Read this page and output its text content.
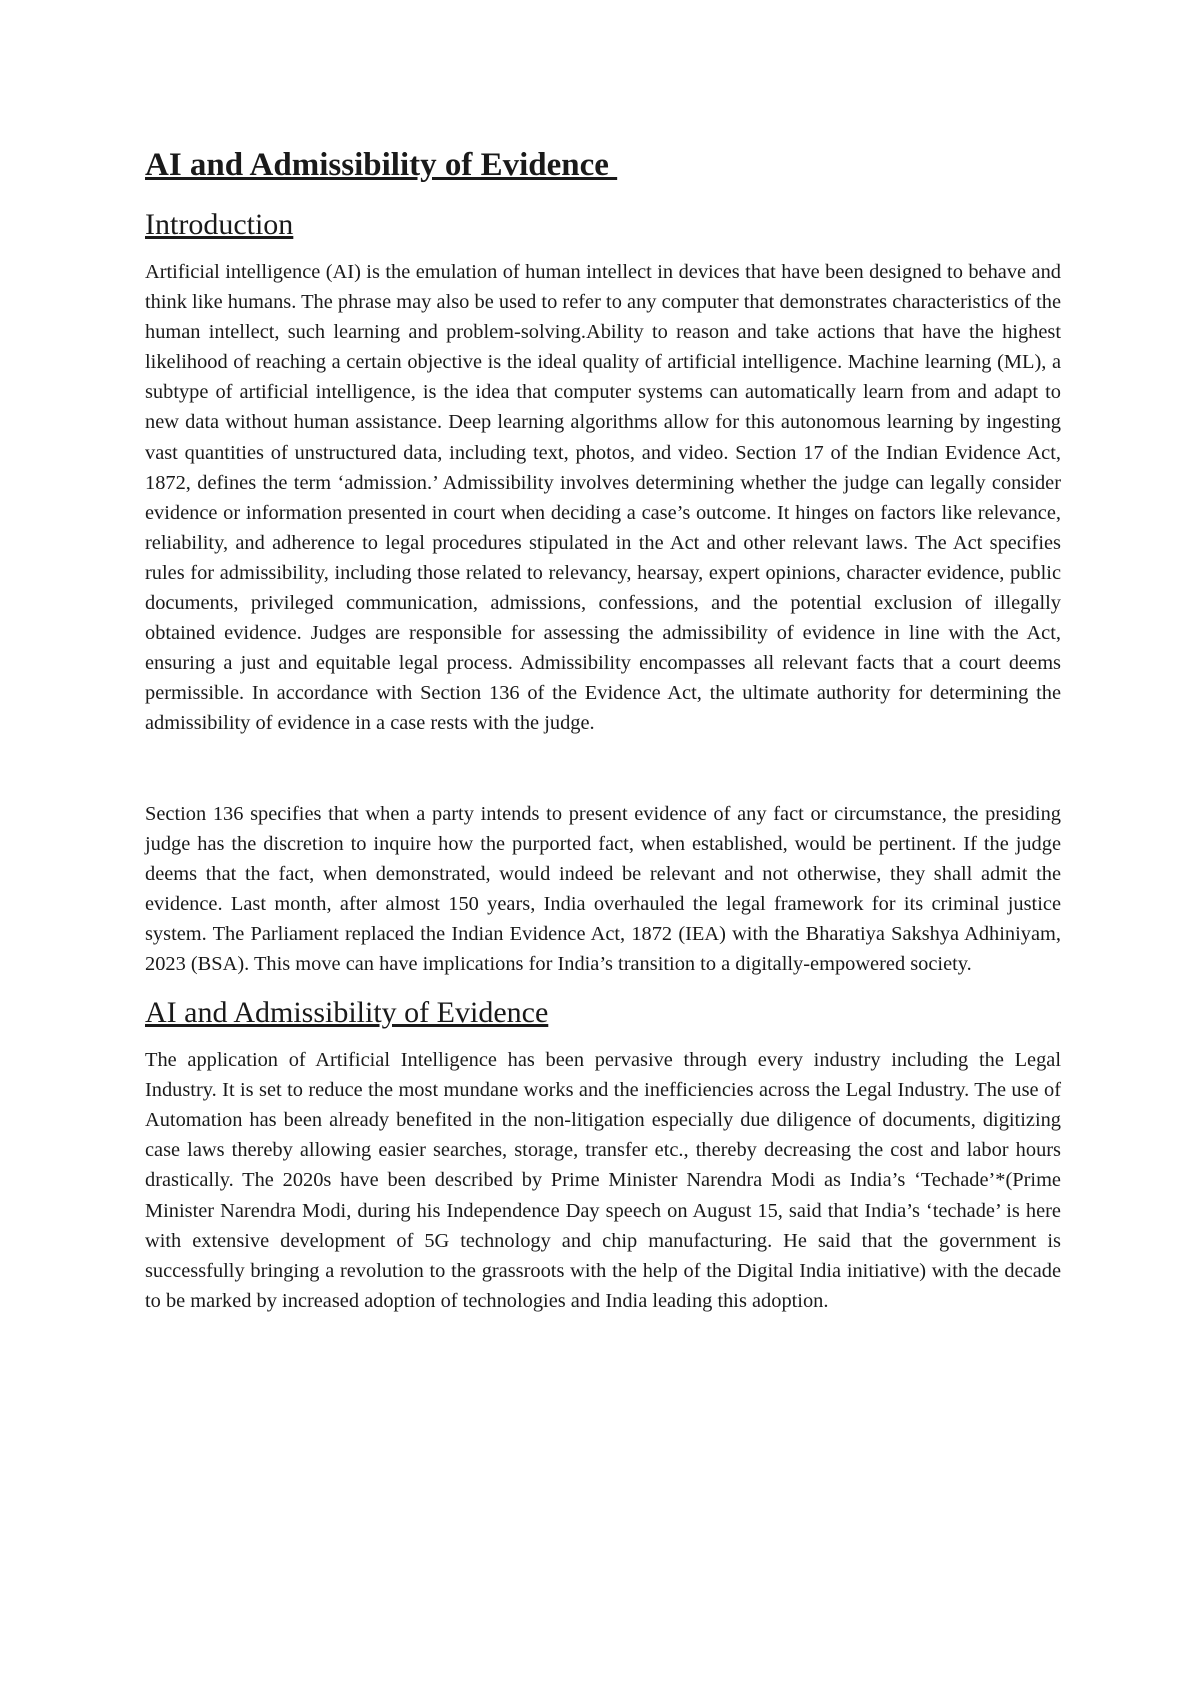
AI and Admissibility of Evidence
Introduction

Artificial intelligence (AI) is the emulation of human intellect in devices that have been designed to behave and think like humans. The phrase may also be used to refer to any computer that demonstrates characteristics of the human intellect, such learning and problem-solving.Ability to reason and take actions that have the highest likelihood of reaching a certain objective is the ideal quality of artificial intelligence. Machine learning (ML), a subtype of artificial intelligence, is the idea that computer systems can automatically learn from and adapt to new data without human assistance. Deep learning algorithms allow for this autonomous learning by ingesting vast quantities of unstructured data, including text, photos, and video. Section 17 of the Indian Evidence Act, 1872, defines the term ‘admission.’ Admissibility involves determining whether the judge can legally consider evidence or information presented in court when deciding a case’s outcome. It hinges on factors like relevance, reliability, and adherence to legal procedures stipulated in the Act and other relevant laws. The Act specifies rules for admissibility, including those related to relevancy, hearsay, expert opinions, character evidence, public documents, privileged communication, admissions, confessions, and the potential exclusion of illegally obtained evidence. Judges are responsible for assessing the admissibility of evidence in line with the Act, ensuring a just and equitable legal process. Admissibility encompasses all relevant facts that a court deems permissible. In accordance with Section 136 of the Evidence Act, the ultimate authority for determining the admissibility of evidence in a case rests with the judge.

Section 136 specifies that when a party intends to present evidence of any fact or circumstance, the presiding judge has the discretion to inquire how the purported fact, when established, would be pertinent. If the judge deems that the fact, when demonstrated, would indeed be relevant and not otherwise, they shall admit the evidence. Last month, after almost 150 years, India overhauled the legal framework for its criminal justice system. The Parliament replaced the Indian Evidence Act, 1872 (IEA) with the Bharatiya Sakshya Adhiniyam, 2023 (BSA). This move can have implications for India’s transition to a digitally-empowered society.

AI and Admissibility of Evidence

The application of Artificial Intelligence has been pervasive through every industry including the Legal Industry. It is set to reduce the most mundane works and the inefficiencies across the Legal Industry. The use of Automation has been already benefited in the non-litigation especially due diligence of documents, digitizing case laws thereby allowing easier searches, storage, transfer etc., thereby decreasing the cost and labor hours drastically. The 2020s have been described by Prime Minister Narendra Modi as India’s ‘Techade’*(Prime Minister Narendra Modi, during his Independence Day speech on August 15, said that India’s ‘techade’ is here with extensive development of 5G technology and chip manufacturing. He said that the government is successfully bringing a revolution to the grassroots with the help of the Digital India initiative) with the decade to be marked by increased adoption of technologies and India leading this adoption.
